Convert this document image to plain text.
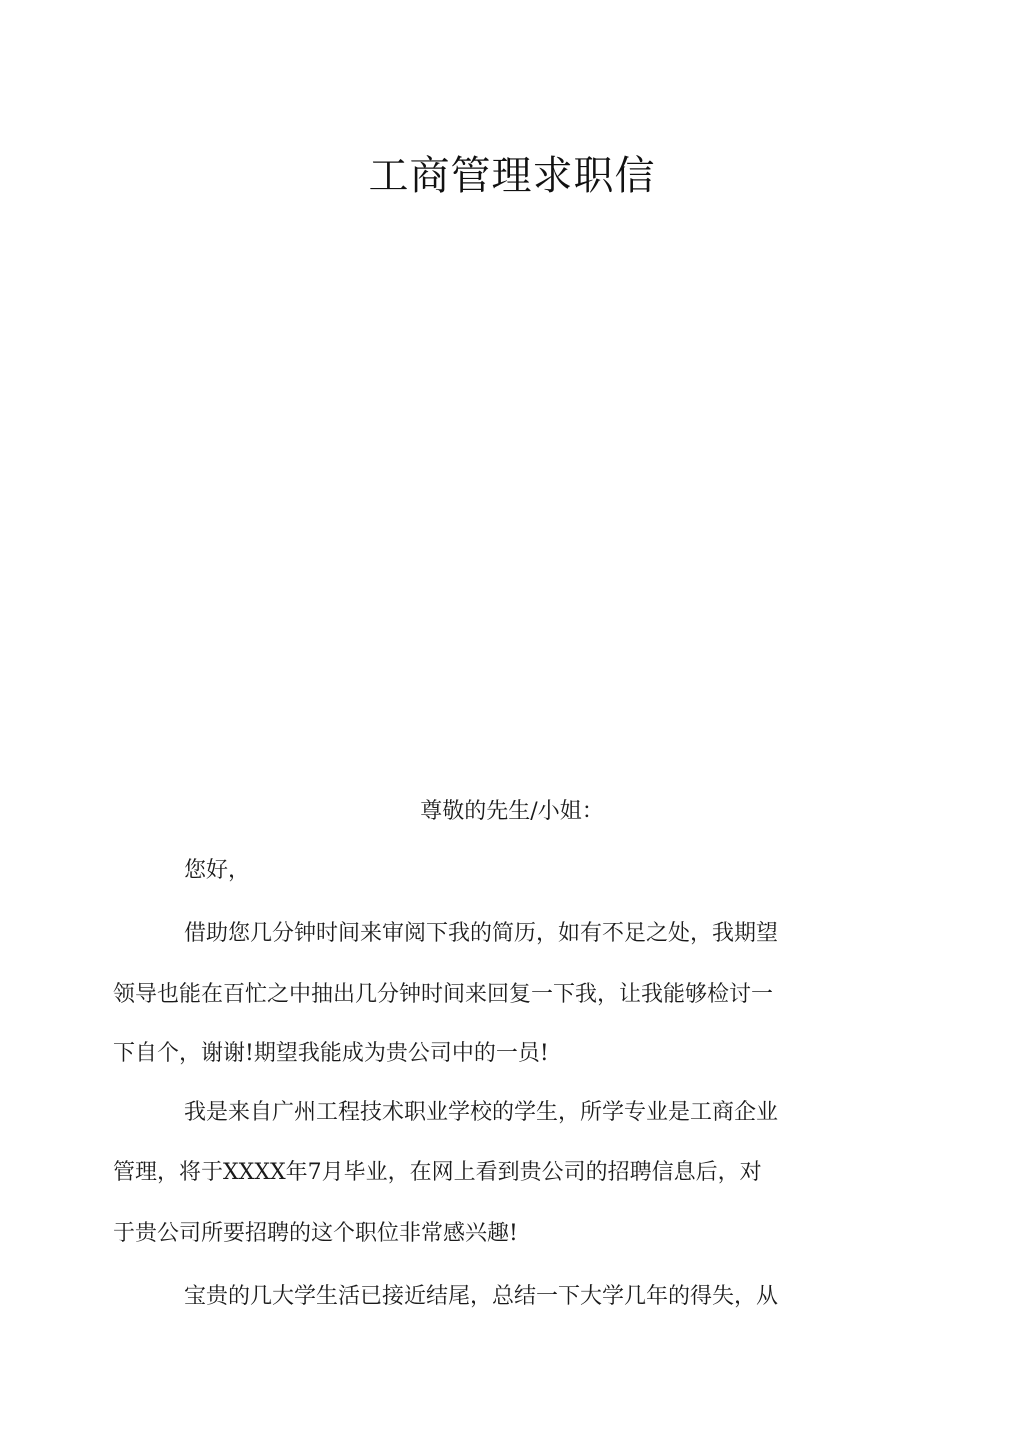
工商管理求职信
尊敬的先生/小姐：
您好，
借助您几分钟时间来审阅下我的简历，如有不足之处，我期望
领导也能在百忙之中抽出几分钟时间来回复一下我，让我能够检讨一
下自个，谢谢!期望我能成为贵公司中的一员!
我是来自广州工程技术职业学校的学生，所学专业是工商企业
管理，将于XXXX年7月毕业，在网上看到贵公司的招聘信息后，对
于贵公司所要招聘的这个职位非常感兴趣!
宝贵的几大学生活已接近结尾，总结一下大学几年的得失，从
